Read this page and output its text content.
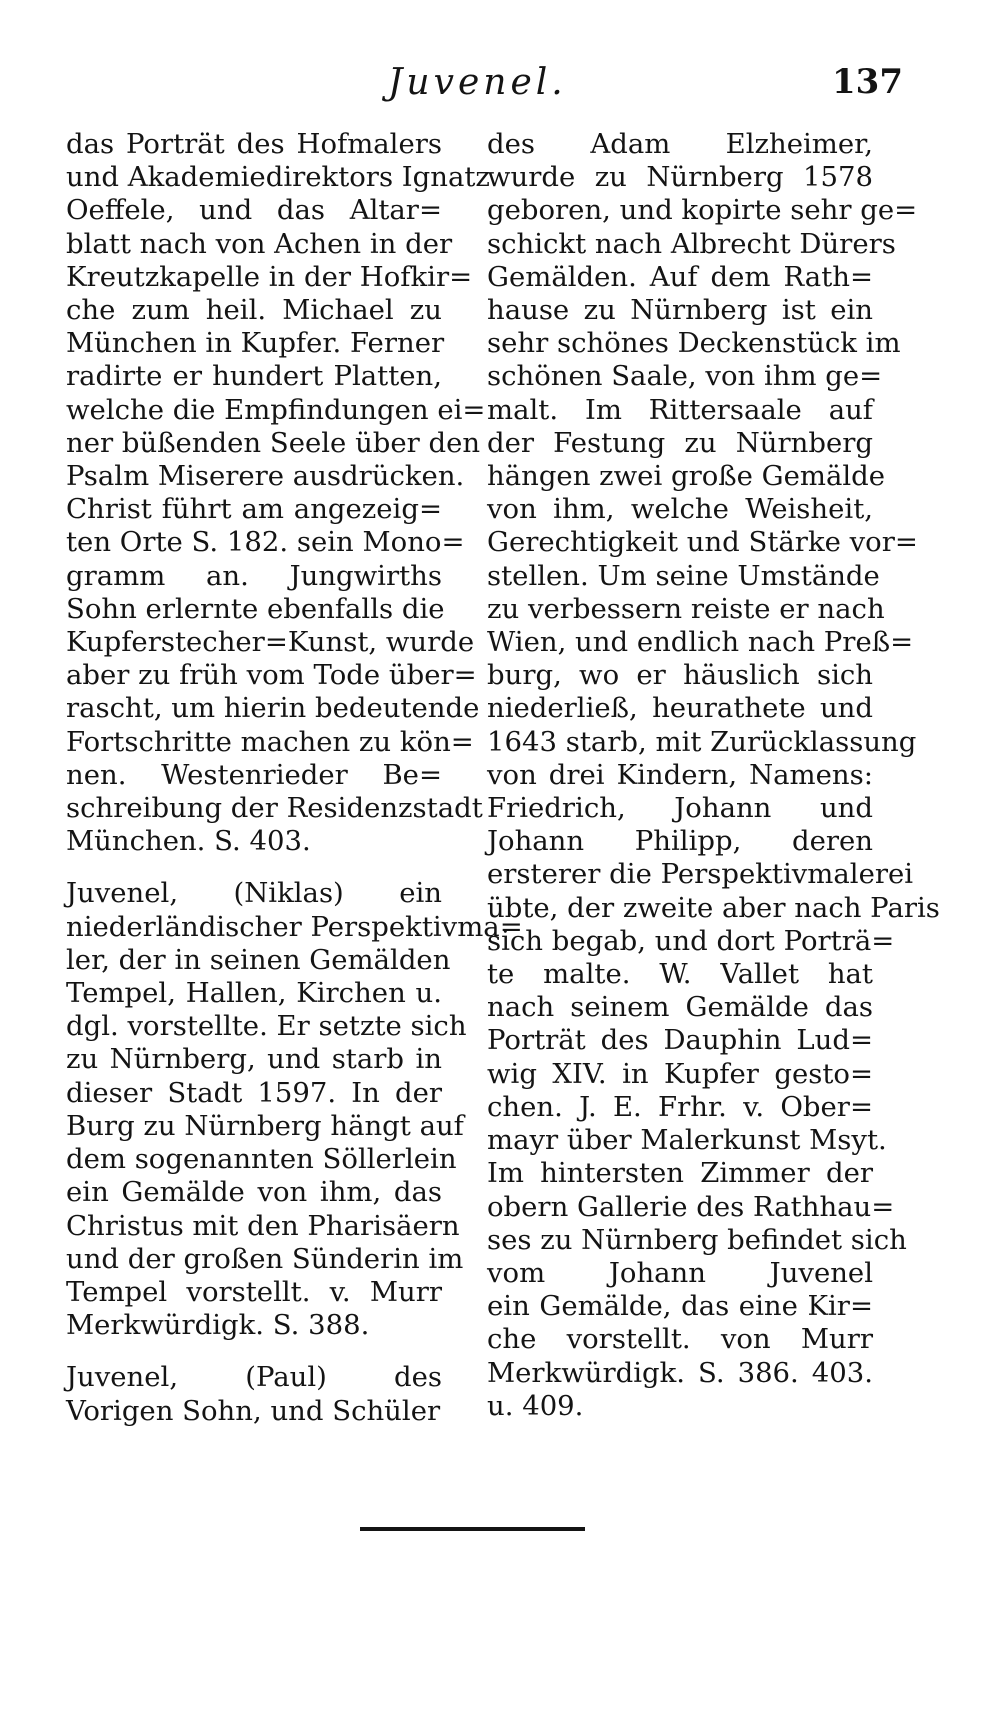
Juvenel.	137
das Porträt des Hofmalers
und Akademiedirektors Ignatz
Oeffele, und das Altar=
blatt nach von Achen in der
Kreutzkapelle in der Hofkir=
che zum heil. Michael zu
München in Kupfer. Ferner
radirte er hundert Platten,
welche die Empfindungen ei=
ner büßenden Seele über den
Psalm Miserere ausdrücken.
Christ führt am angezeig=
ten Orte S. 182. sein Mono=
gramm an. Jungwirths
Sohn erlernte ebenfalls die
Kupferstecher=Kunst, wurde
aber zu früh vom Tode über=
rascht, um hierin bedeutende
Fortschritte machen zu kön=
nen. Westenrieder Be=
schreibung der Residenzstadt
München. S. 403.
Juvenel, (Niklas) ein
niederländischer Perspektivma=
ler, der in seinen Gemälden
Tempel, Hallen, Kirchen u.
dgl. vorstellte. Er setzte sich
zu Nürnberg, und starb in
dieser Stadt 1597. In der
Burg zu Nürnberg hängt auf
dem sogenannten Söllerlein
ein Gemälde von ihm, das
Christus mit den Pharisäern
und der großen Sünderin im
Tempel vorstellt. v. Murr
Merkwürdigk. S. 388.
Juvenel, (Paul) des
Vorigen Sohn, und Schüler
des Adam Elzheimer,
wurde zu Nürnberg 1578
geboren, und kopirte sehr ge=
schickt nach Albrecht Dürers
Gemälden. Auf dem Rath=
hause zu Nürnberg ist ein
sehr schönes Deckenstück im
schönen Saale, von ihm ge=
malt. Im Rittersaale auf
der Festung zu Nürnberg
hängen zwei große Gemälde
von ihm, welche Weisheit,
Gerechtigkeit und Stärke vor=
stellen. Um seine Umstände
zu verbessern reiste er nach
Wien, und endlich nach Preß=
burg, wo er häuslich sich
niederließ, heurathete und
1643 starb, mit Zurücklassung
von drei Kindern, Namens:
Friedrich, Johann und
Johann Philipp, deren
ersterer die Perspektivmalerei
übte, der zweite aber nach Paris
sich begab, und dort Porträ=
te malte. W. Vallet hat
nach seinem Gemälde das
Porträt des Dauphin Lud=
wig XIV. in Kupfer gesto=
chen. J. E. Frhr. v. Ober=
mayr über Malerkunst Msyt.
Im hintersten Zimmer der
obern Gallerie des Rathhau=
ses zu Nürnberg befindet sich
vom Johann Juvenel
ein Gemälde, das eine Kir=
che vorstellt. von Murr
Merkwürdigk. S. 386. 403.
u. 409.
